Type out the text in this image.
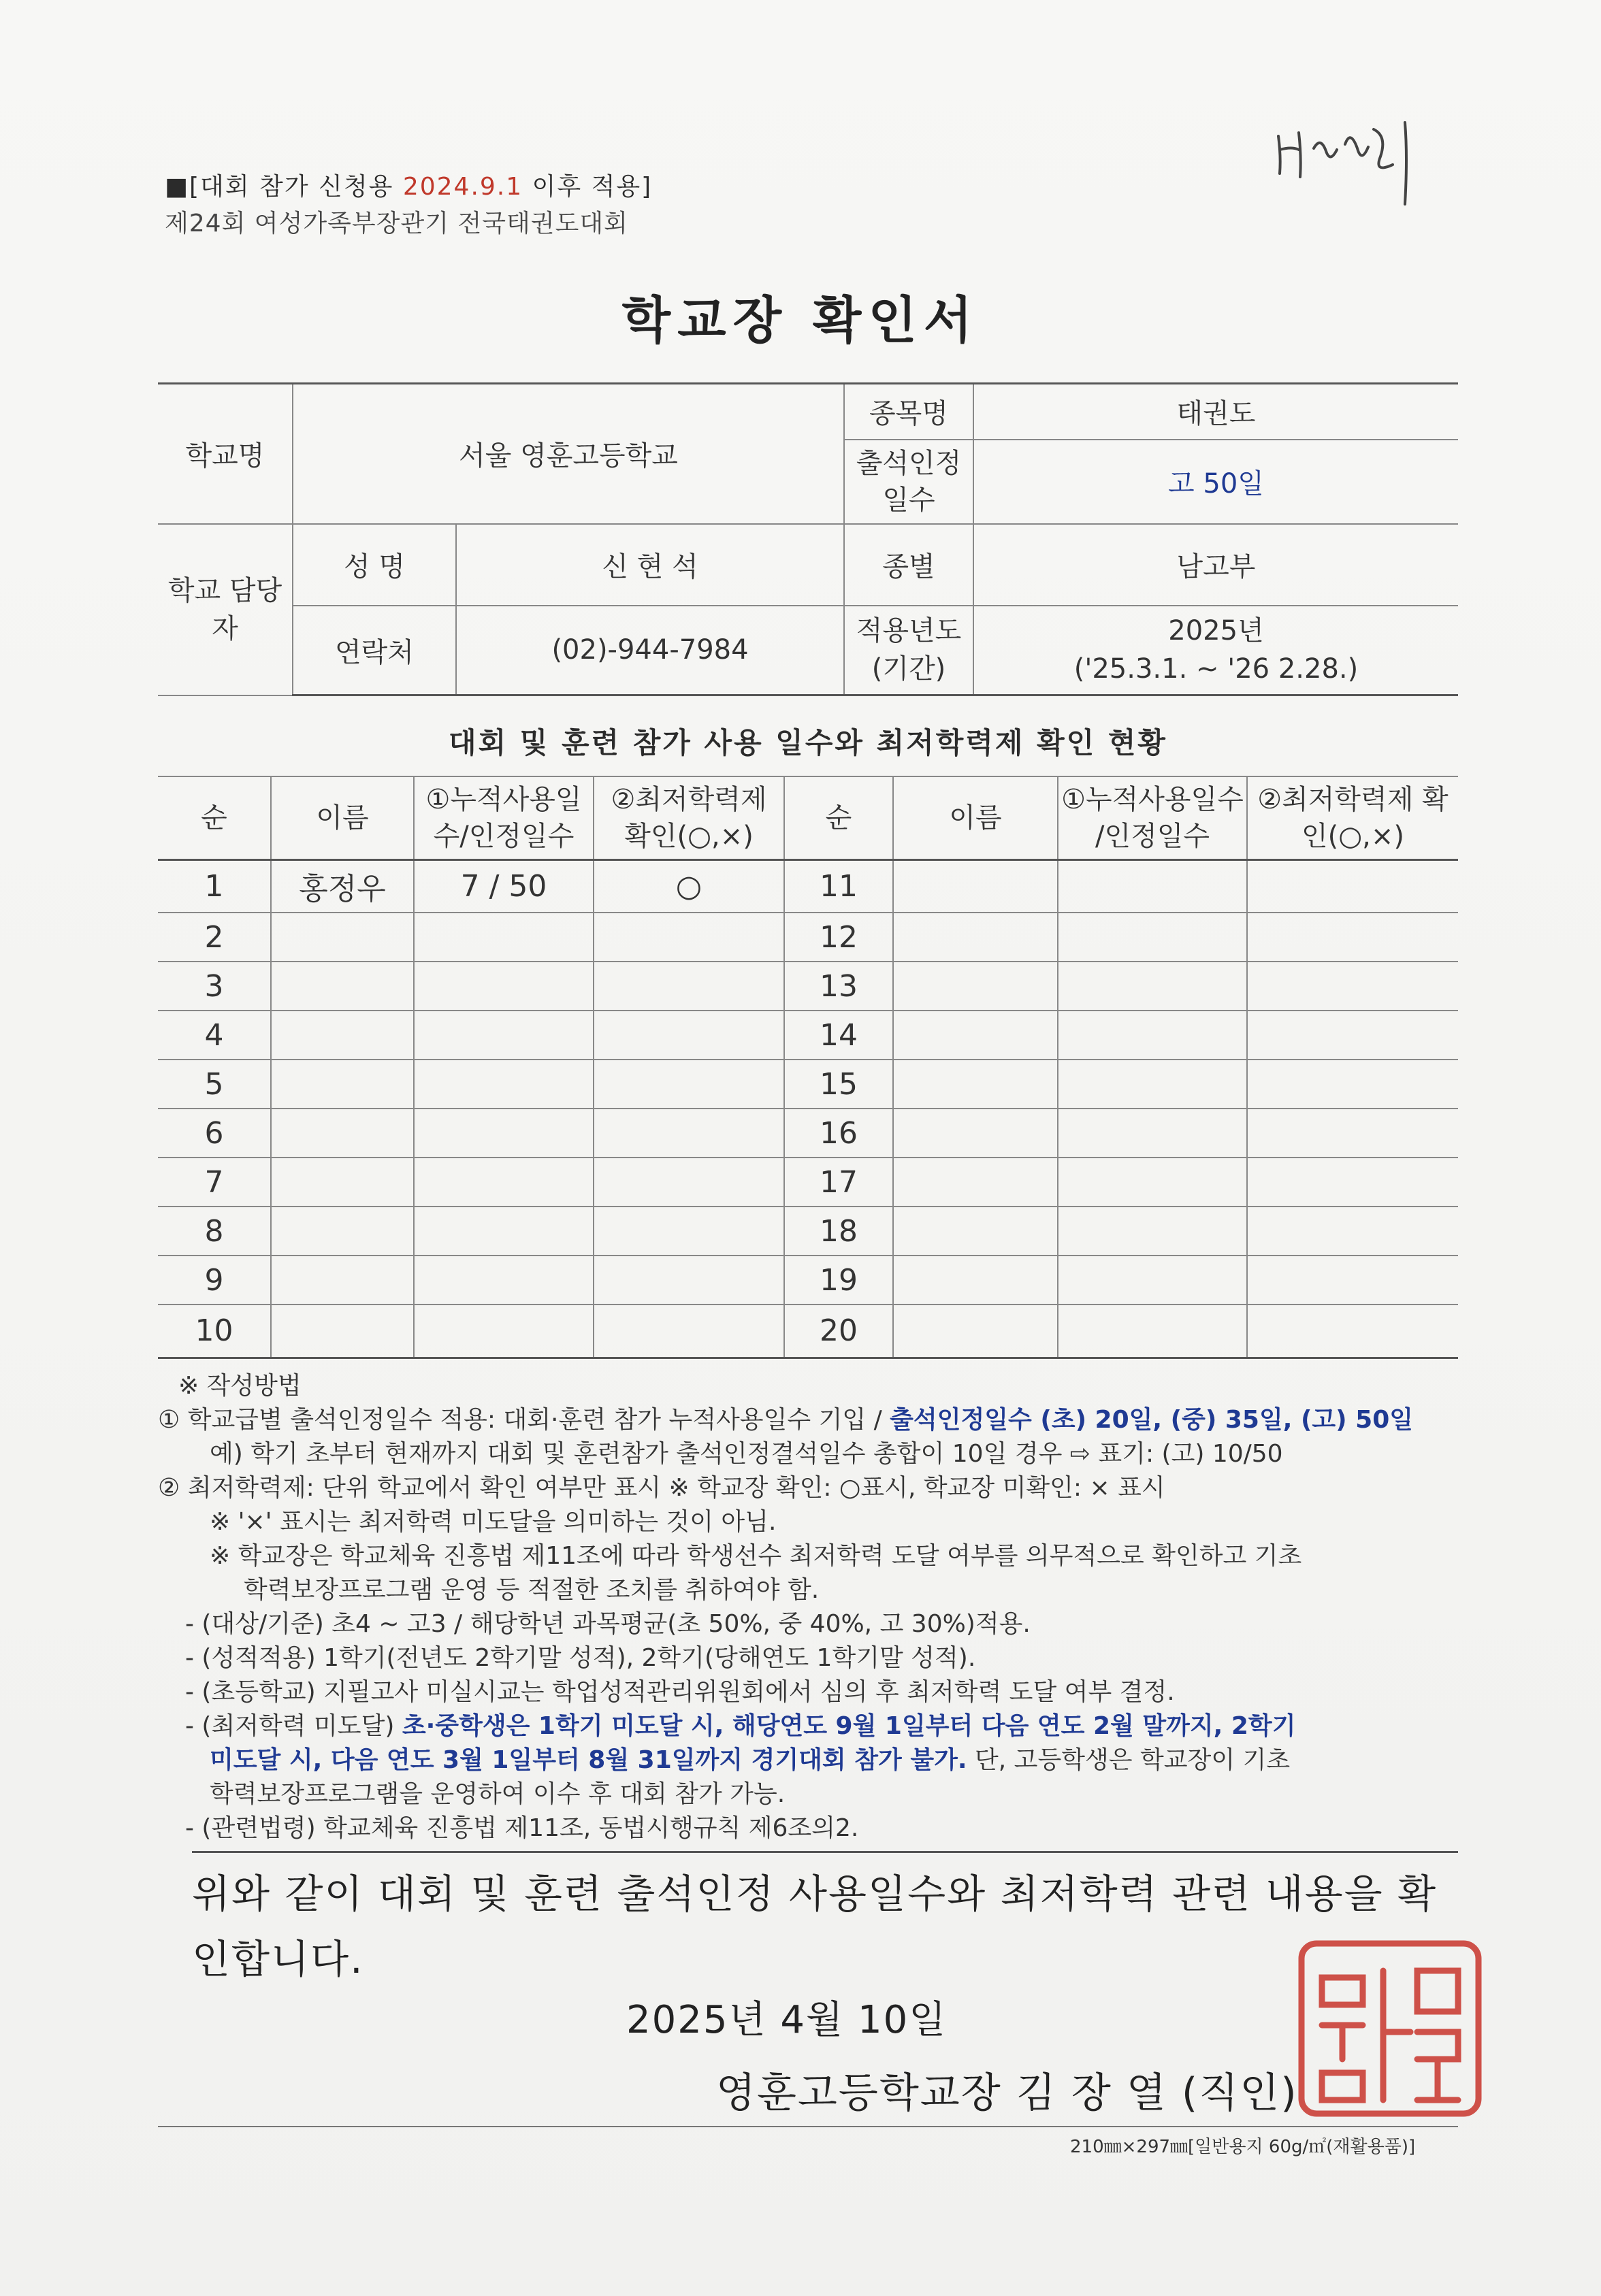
■[대회 참가 신청용 2024.9.1 이후 적용]
제24회 여성가족부장관기 전국태권도대회
학교장 확인서
학교명	서울 영훈고등학교		종목명	태권도
			출석인정 일수	고 50일
학교 담당자	성 명	신 현 석	종별	남고부
	연락처	(02)-944-7984	적용년도 (기간)	2025년
('25.3.1. ~ '26 2.28.)
대회 및 훈련 참가 사용 일수와 최저학력제 확인 현황
순	이름	①누적사용일수/인정일수	②최저학력제 확인(○,×)	순	이름	①누적사용일수 /인정일수	②최저학력제 확인(○,×)
1	홍정우	7 / 50	○	11			
2				12			
3				13			
4				14			
5				15			
6				16			
7				17			
8				18			
9				19			
10				20			
※ 작성방법
① 학교급별 출석인정일수 적용: 대회·훈련 참가 누적사용일수 기입 / 출석인정일수 (초) 20일, (중) 35일, (고) 50일
예) 학기 초부터 현재까지 대회 및 훈련참가 출석인정결석일수 총합이 10일 경우 ⇨ 표기: (고) 10/50
② 최저학력제: 단위 학교에서 확인 여부만 표시 ※ 학교장 확인: ○표시, 학교장 미확인: × 표시
※ '×' 표시는 최저학력 미도달을 의미하는 것이 아님.
※ 학교장은 학교체육 진흥법 제11조에 따라 학생선수 최저학력 도달 여부를 의무적으로 확인하고 기초
학력보장프로그램 운영 등 적절한 조치를 취하여야 함.
- (대상/기준) 초4 ~ 고3 / 해당학년 과목평균(초 50%, 중 40%, 고 30%)적용.
- (성적적용) 1학기(전년도 2학기말 성적), 2학기(당해연도 1학기말 성적).
- (초등학교) 지필고사 미실시교는 학업성적관리위원회에서 심의 후 최저학력 도달 여부 결정.
- (최저학력 미도달) 초·중학생은 1학기 미도달 시, 해당연도 9월 1일부터 다음 연도 2월 말까지, 2학기
미도달 시, 다음 연도 3월 1일부터 8월 31일까지 경기대회 참가 불가. 단, 고등학생은 학교장이 기초
학력보장프로그램을 운영하여 이수 후 대회 참가 가능.
- (관련법령) 학교체육 진흥법 제11조, 동법시행규칙 제6조의2.
위와 같이 대회 및 훈련 출석인정 사용일수와 최저학력 관련 내용을 확인합니다.
2025년 4월 10일
영훈고등학교장 김 장 열 (직인)
210㎜×297㎜[일반용지 60g/㎡(재활용품)]
